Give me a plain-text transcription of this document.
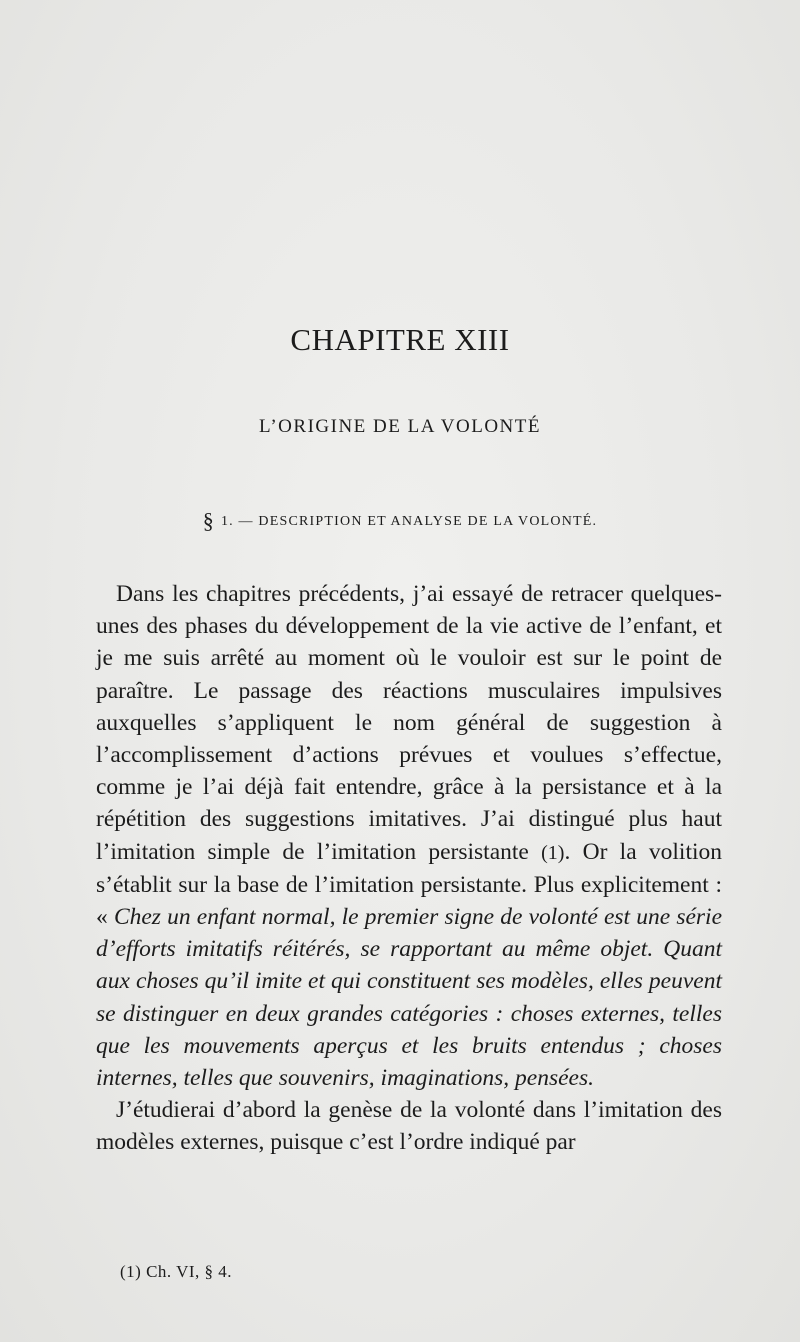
CHAPITRE XIII
L’ORIGINE DE LA VOLONTÉ
§ 1. — DESCRIPTION ET ANALYSE DE LA VOLONTÉ.

Dans les chapitres précédents, j’ai essayé de retracer quelques-unes des phases du développement de la vie active de l’enfant, et je me suis arrêté au moment où le vouloir est sur le point de paraître. Le passage des réactions musculaires impulsives auxquelles s’appliquent le nom général de suggestion à l’accomplissement d’actions prévues et voulues s’effectue, comme je l’ai déjà fait entendre, grâce à la persistance et à la répétition des suggestions imitatives. J’ai distingué plus haut l’imitation simple de l’imitation persistante (1). Or la volition s’établit sur la base de l’imitation persistante. Plus explicitement : « Chez un enfant normal, le premier signe de volonté est une série d’efforts imitatifs réitérés, se rapportant au même objet. Quant aux choses qu’il imite et qui constituent ses modèles, elles peuvent se distinguer en deux grandes catégories : choses externes, telles que les mouvements aperçus et les bruits entendus ; choses internes, telles que souvenirs, imaginations, pensées.

J’étudierai d’abord la genèse de la volonté dans l’imitation des modèles externes, puisque c’est l’ordre indiqué par

(1) Ch. VI, § 4.
